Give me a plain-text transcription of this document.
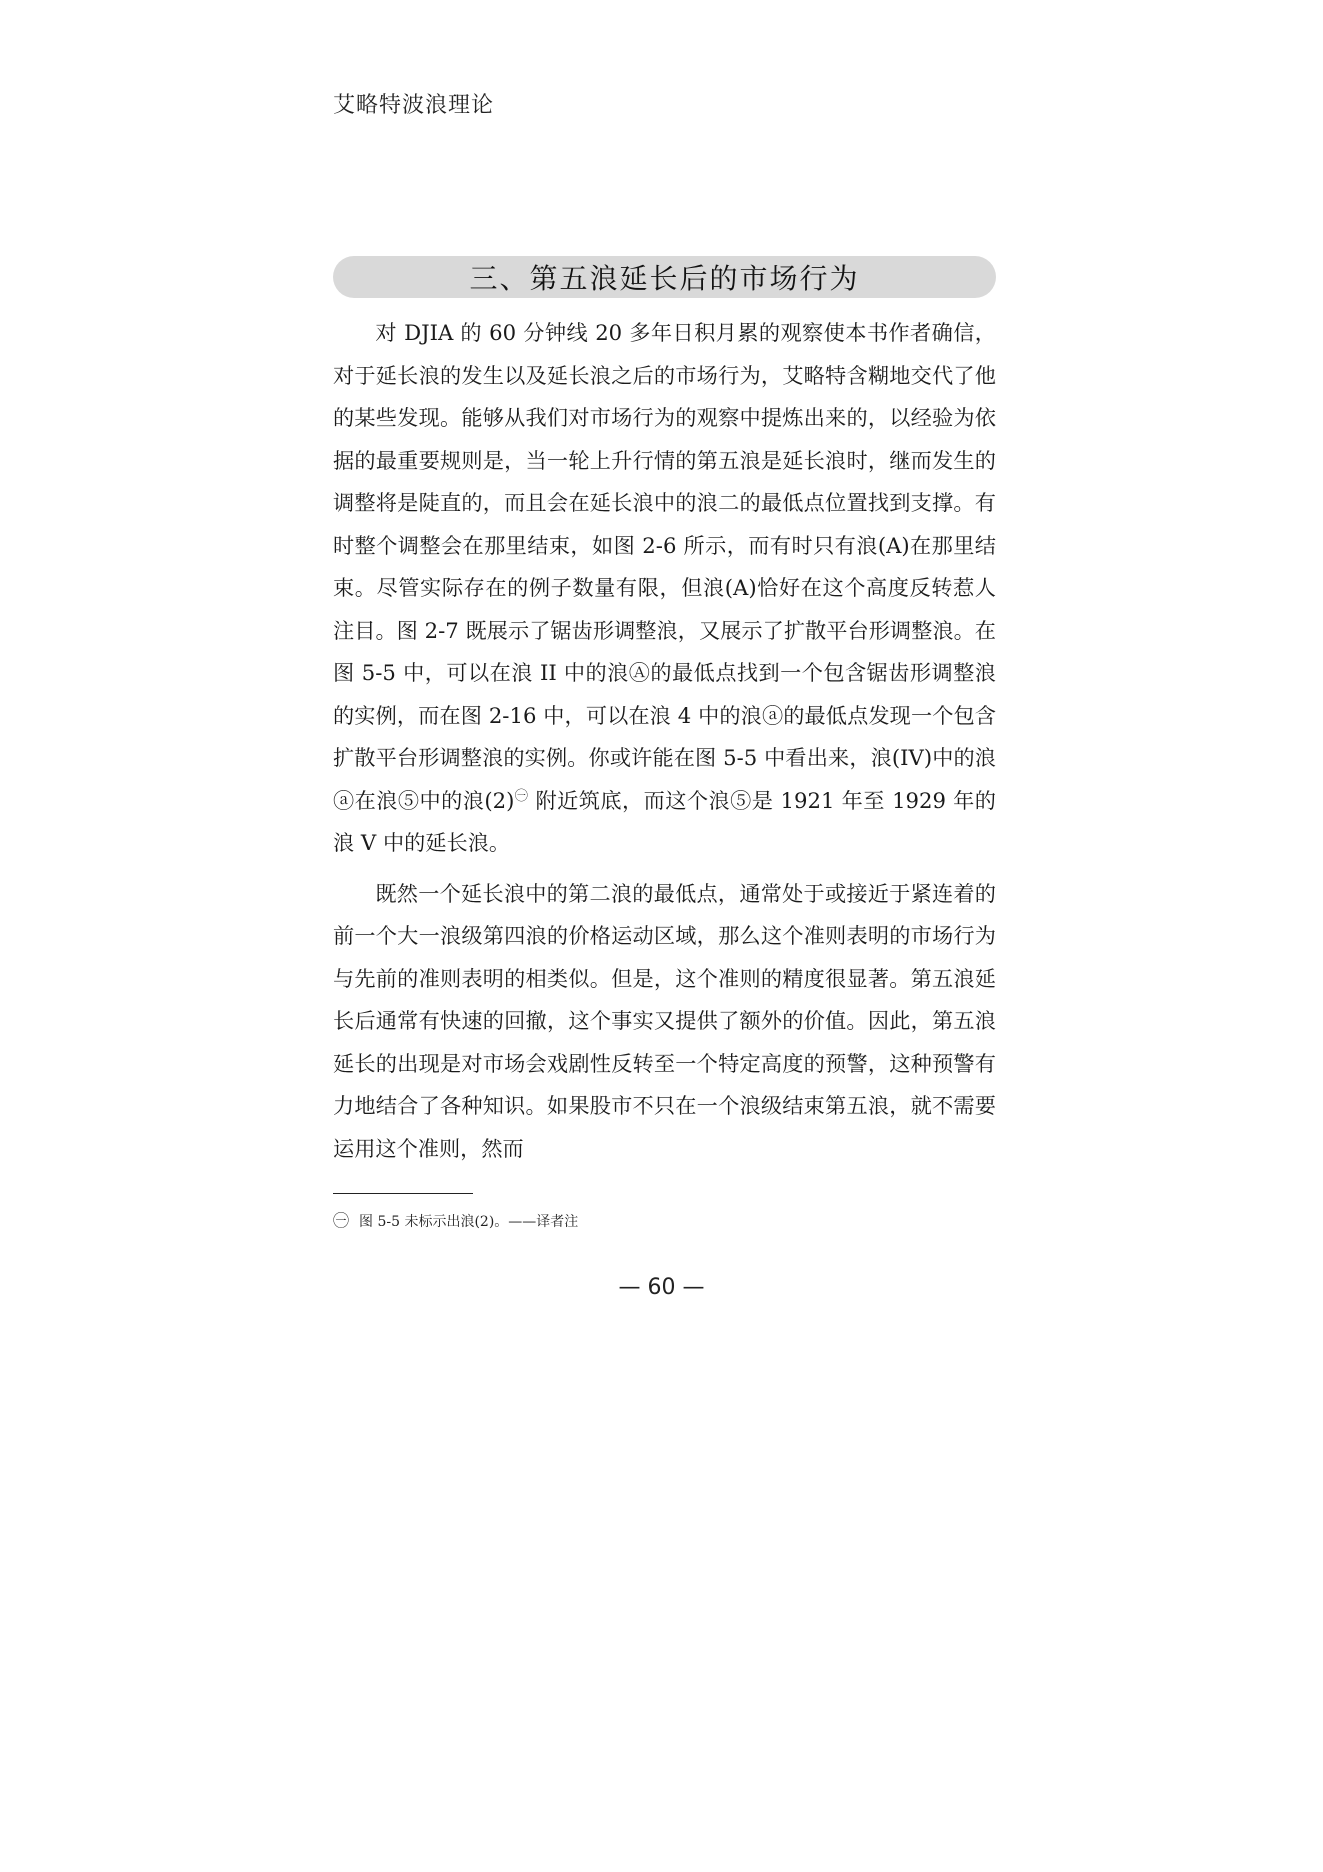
艾略特波浪理论
三、第五浪延长后的市场行为

对 DJIA 的 60 分钟线 20 多年日积月累的观察使本书作者确信，对于延长浪的发生以及延长浪之后的市场行为，艾略特含糊地交代了他的某些发现。能够从我们对市场行为的观察中提炼出来的，以经验为依据的最重要规则是，当一轮上升行情的第五浪是延长浪时，继而发生的调整将是陡直的，而且会在延长浪中的浪二的最低点位置找到支撑。有时整个调整会在那里结束，如图 2-6 所示，而有时只有浪(A)在那里结束。尽管实际存在的例子数量有限，但浪(A)恰好在这个高度反转惹人注目。图 2-7 既展示了锯齿形调整浪，又展示了扩散平台形调整浪。在图 5-5 中，可以在浪 II 中的浪Ⓐ的最低点找到一个包含锯齿形调整浪的实例，而在图 2-16 中，可以在浪 4 中的浪ⓐ的最低点发现一个包含扩散平台形调整浪的实例。你或许能在图 5-5 中看出来，浪(IV)中的浪ⓐ在浪⑤中的浪(2)$^㊀$ 附近筑底，而这个浪⑤是 1921 年至 1929 年的浪 V 中的延长浪。

既然一个延长浪中的第二浪的最低点，通常处于或接近于紧连着的前一个大一浪级第四浪的价格运动区域，那么这个准则表明的市场行为与先前的准则表明的相类似。但是，这个准则的精度很显著。第五浪延长后通常有快速的回撤，这个事实又提供了额外的价值。因此，第五浪延长的出现是对市场会戏剧性反转至一个特定高度的预警，这种预警有力地结合了各种知识。如果股市不只在一个浪级结束第五浪，就不需要运用这个准则，然而

㊀ 图 5-5 未标示出浪(2)。——译者注
— 60 —
